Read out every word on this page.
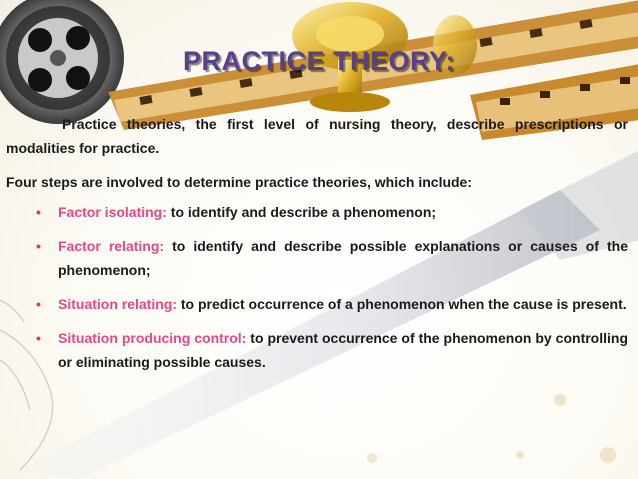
PRACTICE THEORY:

Practice theories, the first level of nursing theory, describe prescriptions or modalities for practice.

Four steps are involved to determine practice theories, which include:

• Factor isolating: to identify and describe a phenomenon;
• Factor relating: to identify and describe possible explanations or causes of the phenomenon;
• Situation relating: to predict occurrence of a phenomenon when the cause is present.
• Situation producing control: to prevent occurrence of the phenomenon by controlling or eliminating possible causes.
